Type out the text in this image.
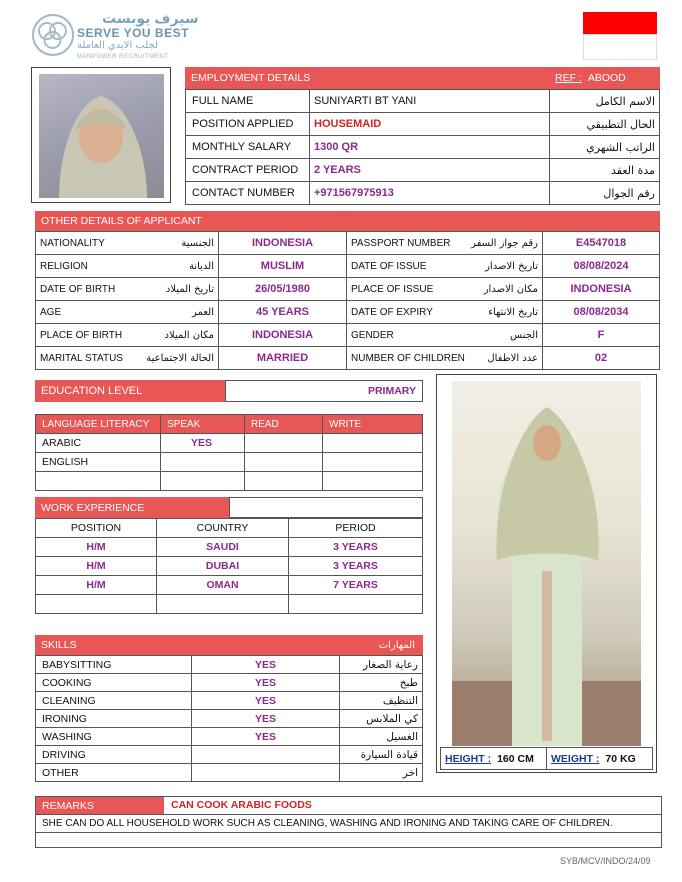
سيرف يوبست
SERVE YOU BEST
لجلب الايدي العاملة
MANPOWER RECRUITMENT
EMPLOYMENT DETAILS	REF : ABOOD
FULL NAME	SUNIYARTI BT YANI	الاسم الكامل
POSITION APPLIED	HOUSEMAID	الحال التطبيقي
MONTHLY SALARY	1300 QR	الراتب الشهري
CONTRACT PERIOD	2 YEARS	مدة العقد
CONTACT NUMBER	+971567975913	رقم الجوال
OTHER DETAILS OF APPLICANT
NATIONALITY الجنسية	INDONESIA	PASSPORT NUMBER رقم جواز السفر	E4547018

RELIGION الديانة	MUSLIM	DATE OF ISSUE تاريخ الاصدار	08/08/2024

DATE OF BIRTH تاريخ الميلاد	26/05/1980	PLACE OF ISSUE مكان الاصدار	INDONESIA

AGE العمر	45 YEARS	DATE OF EXPIRY تاريخ الانتهاء	08/08/2034

PLACE OF BIRTH مكان الميلاد	INDONESIA	GENDER الجنس	F

MARITAL STATUS الحالة الاجتماعية	MARRIED	NUMBER OF CHILDREN عدد الاطفال	02
EDUCATION LEVEL	PRIMARY
LANGUAGE LITERACY	SPEAK	READ	WRITE
ARABIC	YES		
ENGLISH			

WORK EXPERIENCE
POSITION	COUNTRY	PERIOD
H/M	SAUDI	3 YEARS
H/M	DUBAI	3 YEARS
H/M	OMAN	7 YEARS

SKILLS	المهارات
BABYSITTING	YES	رعاية الصغار
COOKING	YES	طبخ
CLEANING	YES	التنظيف
IRONING	YES	كي الملابس
WASHING	YES	الغسيل
DRIVING		قيادة السيارة
OTHER		اخر
HEIGHT : 160 CM WEIGHT : 70 KG
REMARKS	CAN COOK ARABIC FOODS
SHE CAN DO ALL HOUSEHOLD WORK SUCH AS CLEANING, WASHING AND IRONING AND TAKING CARE OF CHILDREN.
SYB/MCV/INDO/24/09
